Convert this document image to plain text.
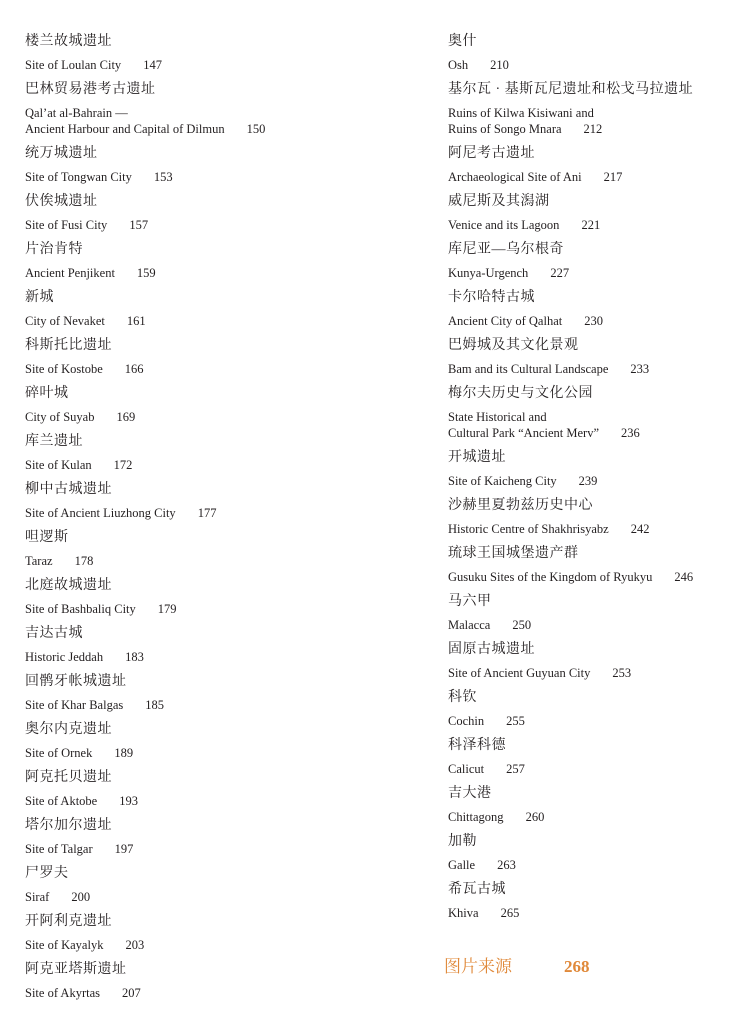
楼兰故城遗址
Site of Loulan City 147
巴林贸易港考古遗址
Qal’at al-Bahrain —
Ancient Harbour and Capital of Dilmun 150
统万城遗址
Site of Tongwan City 153
伏俟城遗址
Site of Fusi City 157
片治肯特
Ancient Penjikent 159
新城
City of Nevaket 161
科斯托比遗址
Site of Kostobe 166
碎叶城
City of Suyab 169
库兰遗址
Site of Kulan 172
柳中古城遗址
Site of Ancient Liuzhong City 177
呾逻斯
Taraz 178
北庭故城遗址
Site of Bashbaliq City 179
吉达古城
Historic Jeddah 183
回鹘牙帐城遗址
Site of Khar Balgas 185
奥尔内克遗址
Site of Ornek 189
阿克托贝遗址
Site of Aktobe 193
塔尔加尔遗址
Site of Talgar 197
尸罗夫
Siraf 200
开阿利克遗址
Site of Kayalyk 203
阿克亚塔斯遗址
Site of Akyrtas 207
奥什
Osh 210
基尔瓦 · 基斯瓦尼遗址和松戈马拉遗址
Ruins of Kilwa Kisiwani and
Ruins of Songo Mnara 212
阿尼考古遗址
Archaeological Site of Ani 217
威尼斯及其潟湖
Venice and its Lagoon 221
库尼亚—乌尔根奇
Kunya-Urgench 227
卡尔哈特古城
Ancient City of Qalhat 230
巴姆城及其文化景观
Bam and its Cultural Landscape 233
梅尔夫历史与文化公园
State Historical and
Cultural Park “Ancient Merv” 236
开城遗址
Site of Kaicheng City 239
沙赫里夏勃兹历史中心
Historic Centre of Shakhrisyabz 242
琉球王国城堡遗产群
Gusuku Sites of the Kingdom of Ryukyu 246
马六甲
Malacca 250
固原古城遗址
Site of Ancient Guyuan City 253
科钦
Cochin 255
科泽科德
Calicut 257
吉大港
Chittagong 260
加勒
Galle 263
希瓦古城
Khiva 265
图片来源	268
